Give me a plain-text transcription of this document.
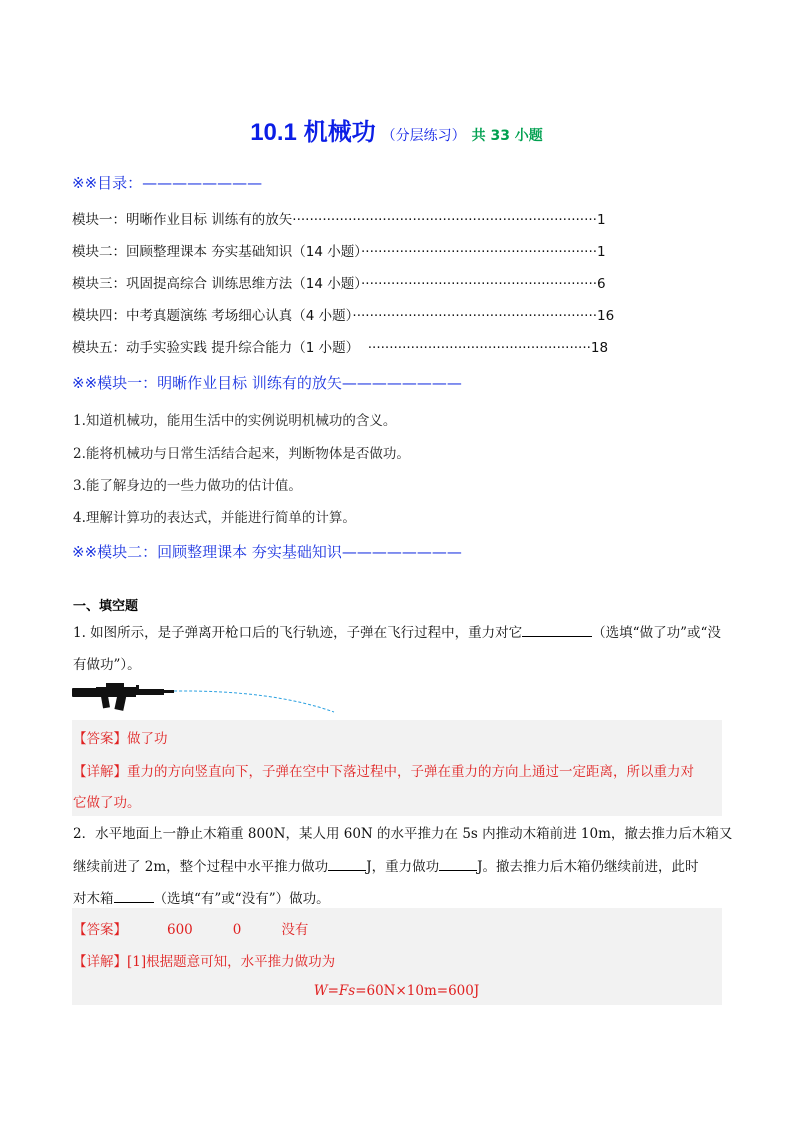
10.1 机械功 （分层练习） 共 33 小题
※※目录：————————
模块一：明晰作业目标 训练有的放矢·······································································1
模块二：回顾整理课本 夯实基础知识（14 小题）·······················································1
模块三：巩固提高综合 训练思维方法（14 小题）·······················································6
模块四：中考真题演练 考场细心认真（4 小题）·························································16
模块五：动手实验实践 提升综合能力（1 小题）  ····················································18
※※模块一：明晰作业目标 训练有的放矢————————
1.知道机械功，能用生活中的实例说明机械功的含义。
2.能将机械功与日常生活结合起来，判断物体是否做功。
3.能了解身边的一些力做功的估计值。
4.理解计算功的表达式，并能进行简单的计算。
※※模块二：回顾整理课本 夯实基础知识————————
一、填空题
1. 如图所示，是子弹离开枪口后的飞行轨迹，子弹在飞行过程中，重力对它	（选填“做了功”或“没
有做功”）。
【答案】做了功
【详解】重力的方向竖直向下，子弹在空中下落过程中，子弹在重力的方向上通过一定距离，所以重力对
它做了功。
2．水平地面上一静止木箱重 800N，某人用 60N 的水平推力在 5s 内推动木箱前进 10m，撤去推力后木箱又
继续前进了 2m，整个过程中水平推力做功	J，重力做功	J。撤去推力后木箱仍继续前进，此时
对木箱	（选填“有”或“没有”）做功。
【答案】	600	0	没有
【详解】[1]根据题意可知，水平推力做功为
W=Fs=60N×10m=600J
